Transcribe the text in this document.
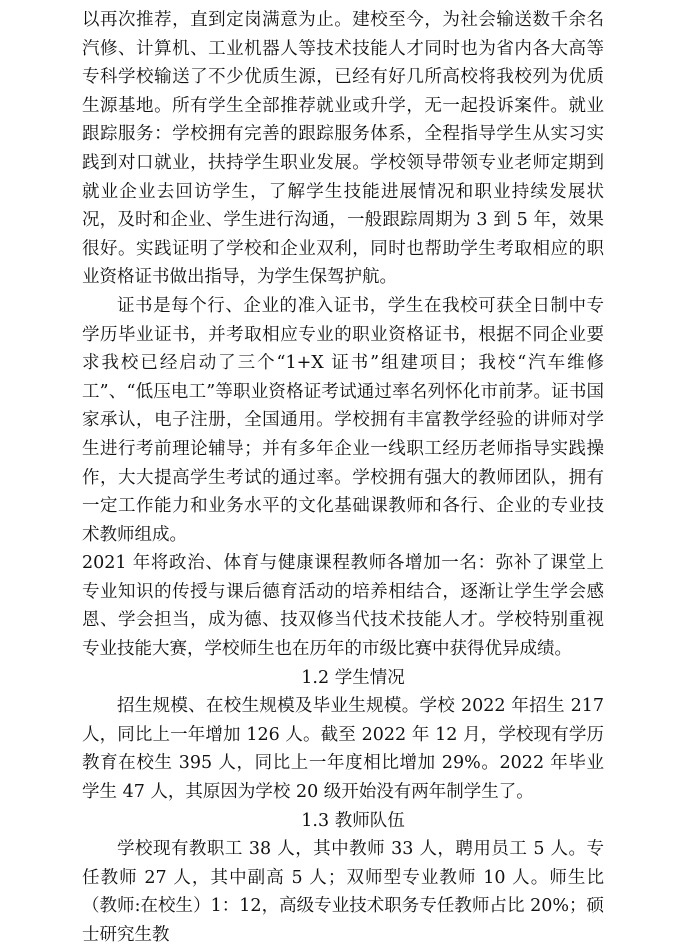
以再次推荐，直到定岗满意为止。建校至今，为社会输送数千余名汽修、计算机、工业机器人等技术技能人才同时也为省内各大高等专科学校输送了不少优质生源，已经有好几所高校将我校列为优质生源基地。所有学生全部推荐就业或升学，无一起投诉案件。就业跟踪服务：学校拥有完善的跟踪服务体系，全程指导学生从实习实践到对口就业，扶持学生职业发展。学校领导带领专业老师定期到就业企业去回访学生，了解学生技能进展情况和职业持续发展状况，及时和企业、学生进行沟通，一般跟踪周期为 3 到 5 年，效果很好。实践证明了学校和企业双利，同时也帮助学生考取相应的职业资格证书做出指导，为学生保驾护航。

证书是每个行、企业的准入证书，学生在我校可获全日制中专学历毕业证书，并考取相应专业的职业资格证书，根据不同企业要求我校已经启动了三个“1+X 证书”组建项目；我校“汽车维修工”、“低压电工”等职业资格证考试通过率名列怀化市前茅。证书国家承认，电子注册，全国通用。学校拥有丰富教学经验的讲师对学生进行考前理论辅导；并有多年企业一线职工经历老师指导实践操作，大大提高学生考试的通过率。学校拥有强大的教师团队，拥有一定工作能力和业务水平的文化基础课教师和各行、企业的专业技术教师组成。

2021 年将政治、体育与健康课程教师各增加一名：弥补了课堂上专业知识的传授与课后德育活动的培养相结合，逐渐让学生学会感恩、学会担当，成为德、技双修当代技术技能人才。学校特别重视专业技能大赛，学校师生也在历年的市级比赛中获得优异成绩。

1.2 学生情况

招生规模、在校生规模及毕业生规模。学校 2022 年招生 217 人，同比上一年增加 126 人。截至 2022 年 12 月，学校现有学历教育在校生 395 人，同比上一年度相比增加 29%。2022 年毕业学生 47 人，其原因为学校 20 级开始没有两年制学生了。

1.3 教师队伍

学校现有教职工 38 人，其中教师 33 人，聘用员工 5 人。专任教师 27 人，其中副高 5 人；双师型专业教师 10 人。师生比（教师:在校生）1：12，高级专业技术职务专任教师占比 20%；硕士研究生教
